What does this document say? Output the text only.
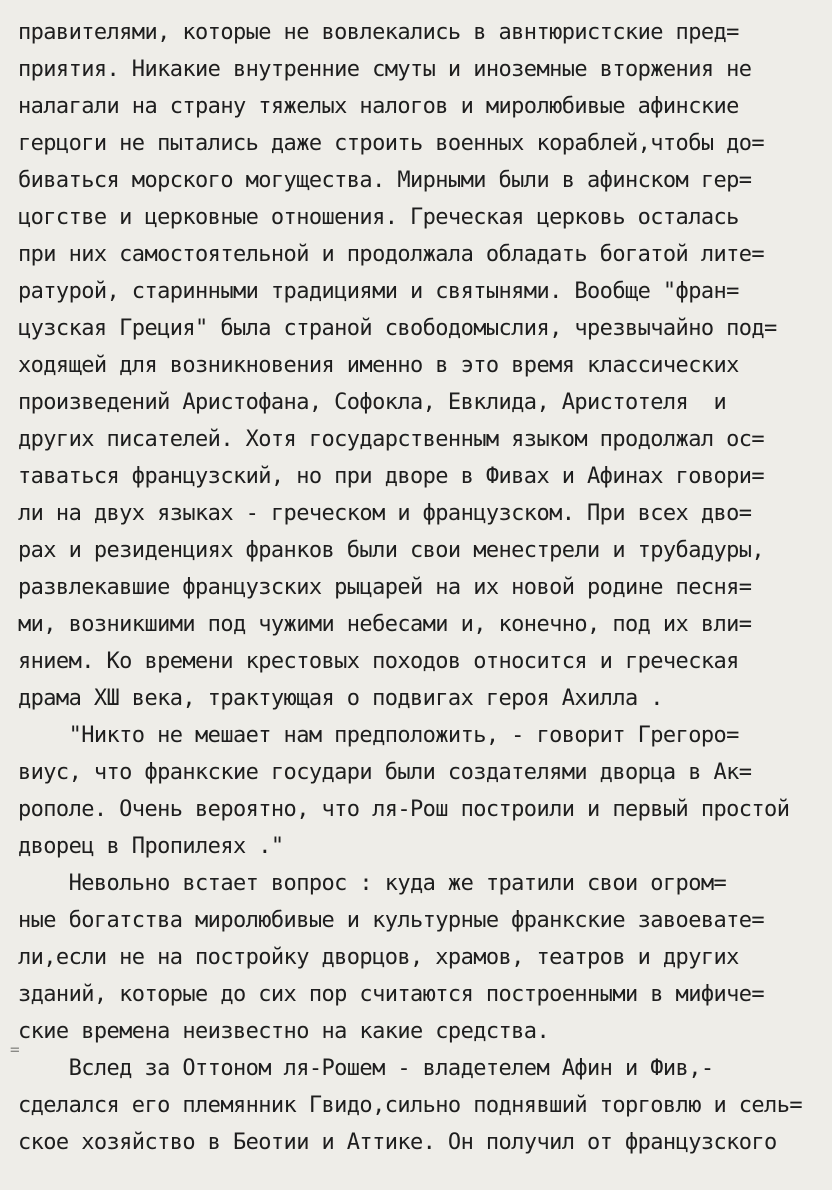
правителями, которые не вовлекались в авнтюристские пред=
приятия. Никакие внутренние смуты и иноземные вторжения не
налагали на страну тяжелых налогов и миролюбивые афинские
герцоги не пытались даже строить военных кораблей,чтобы до=
биваться морского могущества. Мирными были в афинском гер=
цогстве и церковные отношения. Греческая церковь осталась
при них самостоятельной и продолжала обладать богатой лите=
ратурой, старинными традициями и святынями. Вообще "фран=
цузская Греция" была страной свободомыслия, чрезвычайно под=
ходящей для возникновения именно в это время классических
произведений Аристофана, Софокла, Евклида, Аристотеля  и
других писателей. Хотя государственным языком продолжал ос=
таваться французский, но при дворе в Фивах и Афинах говори=
ли на двух языках - греческом и французском. При всех дво=
рах и резиденциях франков были свои менестрели и трубадуры,
развлекавшие французских рыцарей на их новой родине песня=
ми, возникшими под чужими небесами и, конечно, под их вли=
янием. Ко времени крестовых походов относится и греческая
драма XШ века, трактующая о подвигах героя Ахилла .
"Никто не мешает нам предположить, - говорит Грегоро=
виус, что франкские государи были создателями дворца в Ак=
рополе. Очень вероятно, что ля-Рош построили и первый простой
дворец в Пропилеях ."
Невольно встает вопрос : куда же тратили свои огром=
ные богатства миролюбивые и культурные франкские завоевате=
ли,если не на постройку дворцов, храмов, театров и других
зданий, которые до сих пор считаются построенными в мифиче=
ские времена неизвестно на какие средства.
Вслед за Оттоном ля-Рошем - владетелем Афин и Фив,-
сделался его племянник Гвидо,сильно поднявший торговлю и сель=
ское хозяйство в Беотии и Аттике. Он получил от французского
=
